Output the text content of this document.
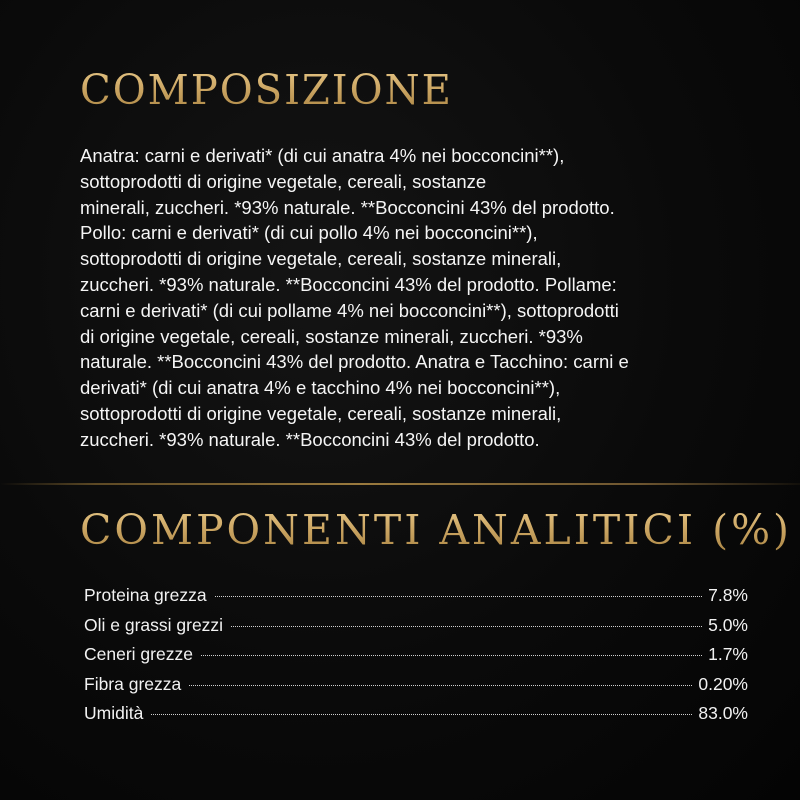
COMPOSIZIONE

Anatra: carni e derivati* (di cui anatra 4% nei bocconcini**),
sottoprodotti di origine vegetale, cereali, sostanze
minerali, zuccheri. *93% naturale. **Bocconcini 43% del prodotto.
Pollo: carni e derivati* (di cui pollo 4% nei bocconcini**),
sottoprodotti di origine vegetale, cereali, sostanze minerali,
zuccheri. *93% naturale. **Bocconcini 43% del prodotto. Pollame:
carni e derivati* (di cui pollame 4% nei bocconcini**), sottoprodotti
di origine vegetale, cereali, sostanze minerali, zuccheri. *93%
naturale. **Bocconcini 43% del prodotto. Anatra e Tacchino: carni e
derivati* (di cui anatra 4% e tacchino 4% nei bocconcini**),
sottoprodotti di origine vegetale, cereali, sostanze minerali,
zuccheri. *93% naturale. **Bocconcini 43% del prodotto.

COMPONENTI ANALITICI (%)
Proteina grezza	7.8%
Oli e grassi grezzi	5.0%
Ceneri grezze	1.7%
Fibra grezza	0.20%
Umidità	83.0%
